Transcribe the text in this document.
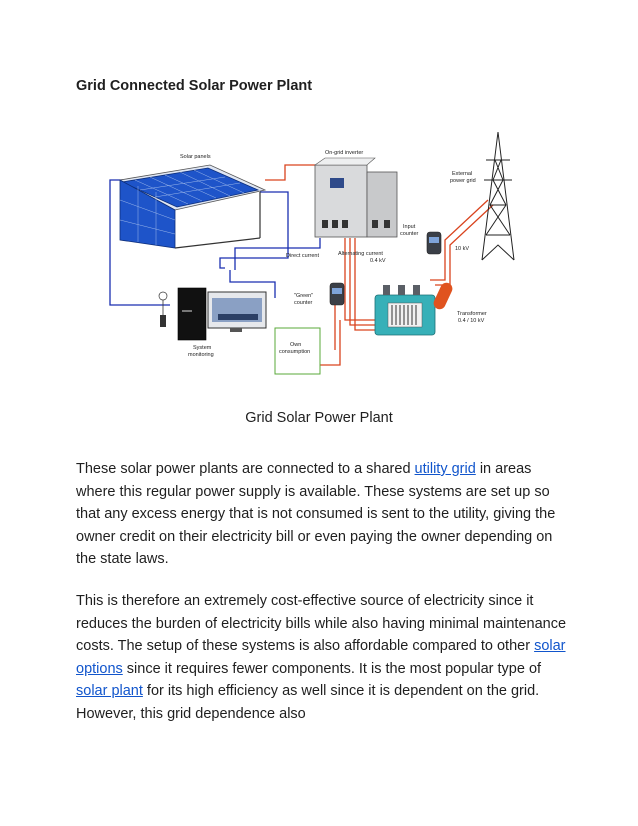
Grid Connected Solar Power Plant
Solar panels
On-grid inverter
External
power grid
Input
counter
10 kV
Direct current	Alternating current
0.4 kV
"Green"
counter
Transformer
0.4 / 10 kV
System
monitoring
Own
consumption
Grid Solar Power Plant

These solar power plants are connected to a shared utility grid in areas where this regular power supply is available. These systems are set up so that any excess energy that is not consumed is sent to the utility, giving the owner credit on their electricity bill or even paying the owner depending on the state laws.

This is therefore an extremely cost-effective source of electricity since it reduces the burden of electricity bills while also having minimal maintenance costs. The setup of these systems is also affordable compared to other solar options since it requires fewer components. It is the most popular type of solar plant for its high efficiency as well since it is dependent on the grid. However, this grid dependence also
